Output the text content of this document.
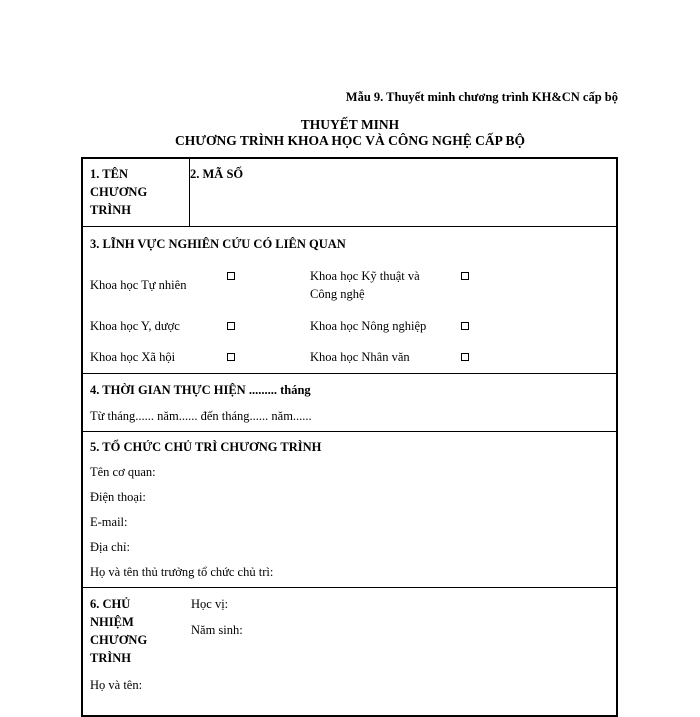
Mẫu 9. Thuyết minh chương trình KH&CN cấp bộ
THUYẾT MINH
CHƯƠNG TRÌNH KHOA HỌC VÀ CÔNG NGHỆ CẤP BỘ
1. TÊN
CHƯƠNG
TRÌNH
2. MÃ SỐ
3. LĨNH VỰC NGHIÊN CỨU CÓ LIÊN QUAN
Khoa học Tự nhiên
Khoa học Kỹ thuật và
Công nghệ
Khoa học Y, dược	Khoa học Nông nghiệp
Khoa học Xã hội	Khoa học Nhân văn
4. THỜI GIAN THỰC HIỆN ......... tháng
Từ tháng...... năm...... đến tháng...... năm......
5. TỔ CHỨC CHỦ TRÌ CHƯƠNG TRÌNH
Tên cơ quan:
Điện thoại:
E-mail:
Địa chỉ:
Họ và tên thủ trưởng tổ chức chủ trì:
6. CHỦ
NHIỆM
CHƯƠNG
TRÌNH
Học vị:
Năm sinh:
Họ và tên:
